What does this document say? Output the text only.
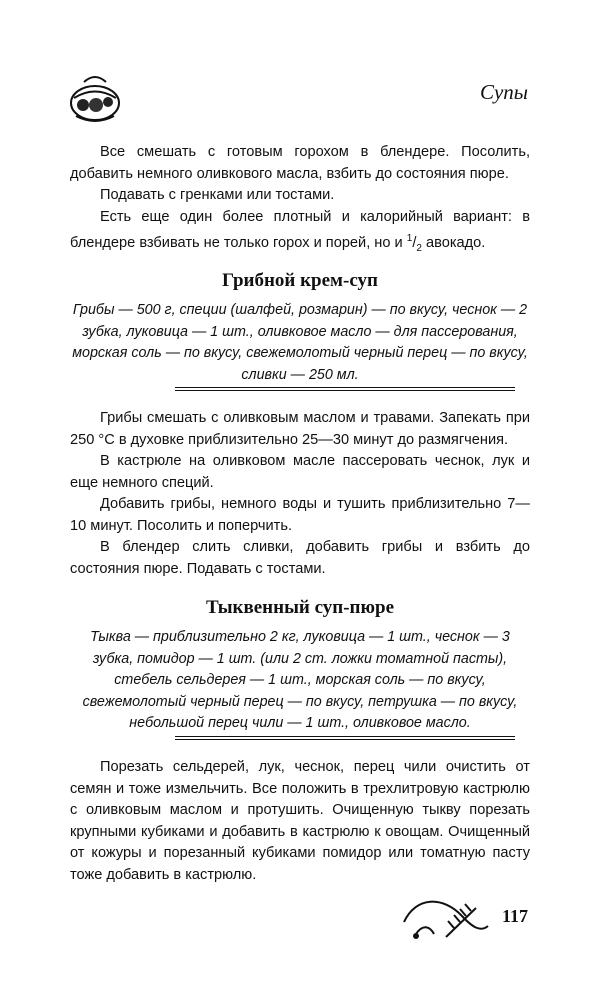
Супы

Все смешать с готовым горохом в блендере. Посолить, добавить немного оливкового масла, взбить до состояния пюре.

Подавать с гренками или тостами.

Есть еще один более плотный и калорийный вариант: в блендере взбивать не только горох и порей, но и $^1/_2$ авокадо.

Грибной крем-суп
Грибы — 500 г, специи (шалфей, розмарин) — по вкусу, чеснок — 2 зубка, луковица — 1 шт., оливковое масло — для пассерования, морская соль — по вкусу, свежемолотый черный перец — по вкусу, сливки — 250 мл.

Грибы смешать с оливковым маслом и травами. Запекать при 250 °С в духовке приблизительно 25—30 минут до размягчения.

В кастрюле на оливковом масле пассеровать чеснок, лук и еще немного специй.

Добавить грибы, немного воды и тушить приблизительно 7—10 минут. Посолить и поперчить.

В блендер слить сливки, добавить грибы и взбить до состояния пюре. Подавать с тостами.

Тыквенный суп-пюре
Тыква — приблизительно 2 кг, луковица — 1 шт., чеснок — 3 зубка, помидор — 1 шт. (или 2 ст. ложки томатной пасты), стебель сельдерея — 1 шт., морская соль — по вкусу, свежемолотый черный перец — по вкусу, петрушка — по вкусу, небольшой перец чили — 1 шт., оливковое масло.

Порезать сельдерей, лук, чеснок, перец чили очистить от семян и тоже измельчить. Все положить в трехлитровую кастрюлю с оливковым маслом и протушить. Очищенную тыкву порезать крупными кубиками и добавить в кастрюлю к овощам. Очищенный от кожуры и порезанный кубиками помидор или томатную пасту тоже добавить в кастрюлю.

117
